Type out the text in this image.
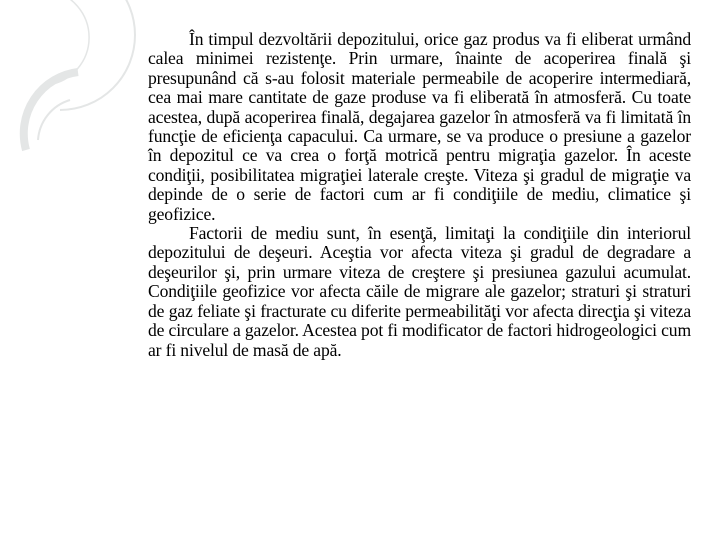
În timpul dezvoltării depozitului, orice gaz produs va fi eliberat urmând calea minimei rezistenţe. Prin urmare, înainte de acoperirea finală şi presupunând că s-au folosit materiale permeabile de acoperire intermediară, cea mai mare cantitate de gaze produse va fi eliberată în atmosferă. Cu toate acestea, după acoperirea finală, degajarea gazelor în atmosferă va fi limitată în funcţie de eficienţa capacului. Ca urmare, se va produce o presiune a gazelor în depozitul ce va crea o forţă motrică pentru migraţia gazelor. În aceste condiţii, posibilitatea migraţiei laterale creşte. Viteza şi gradul de migraţie va depinde de o serie de factori cum ar fi condiţiile de mediu, climatice şi geofizice.

Factorii de mediu sunt, în esenţă, limitaţi la condiţiile din interiorul depozitului de deşeuri. Aceştia vor afecta viteza şi gradul de degradare a deşeurilor şi, prin urmare viteza de creştere şi presiunea gazului acumulat. Condiţiile geofizice vor afecta căile de migrare ale gazelor; straturi şi straturi de gaz feliate şi fracturate cu diferite permeabilităţi vor afecta direcţia şi viteza de circulare a gazelor. Acestea pot fi modificator de factori hidrogeologici cum ar fi nivelul de masă de apă.
